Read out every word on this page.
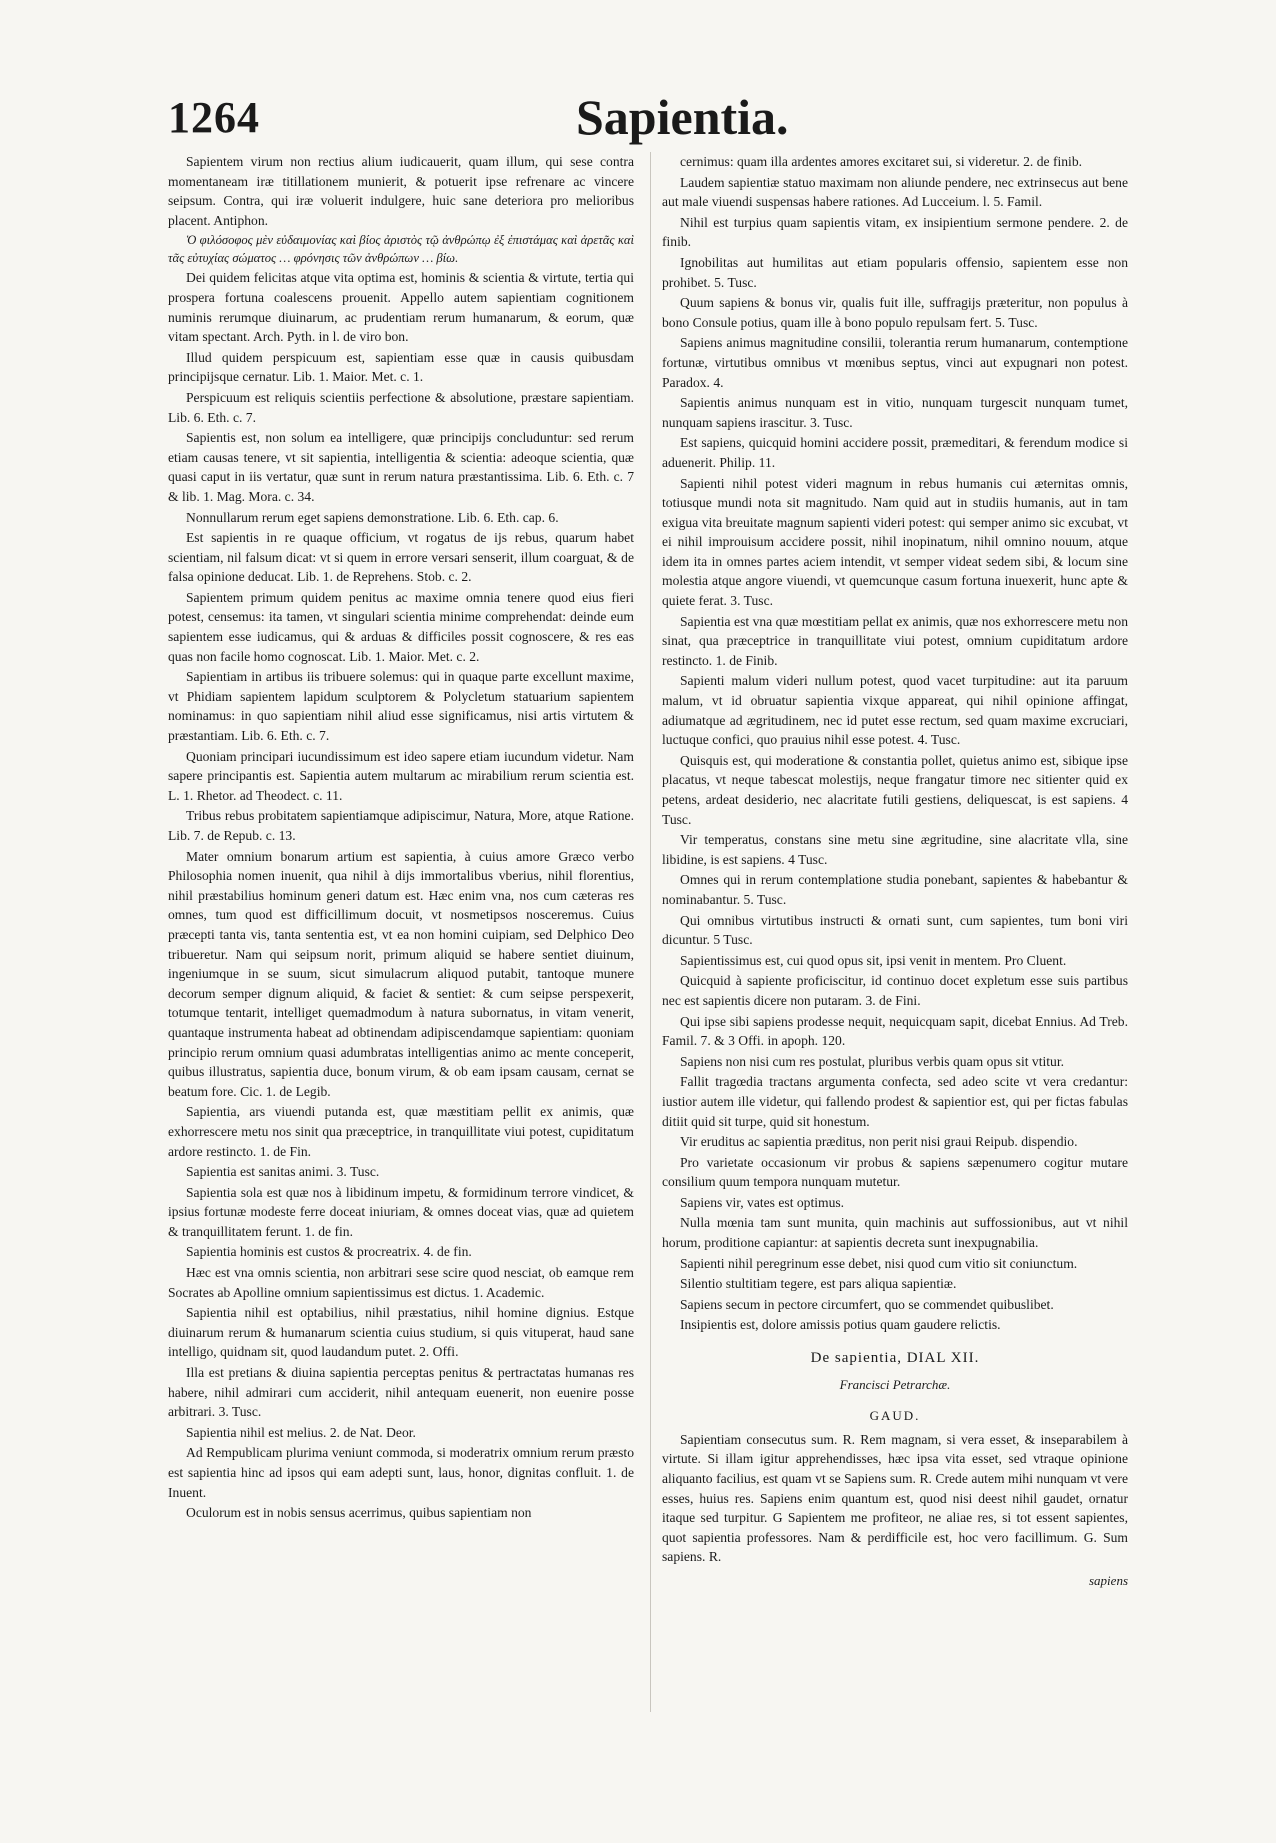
1264	Sapientia.

Sapientem virum non rectius alium iudicauerit, quam illum, qui sese contra momentaneam iræ titillationem munierit, & potuerit ipse refrenare ac vincere seipsum. Contra, qui iræ voluerit indulgere, huic sane deteriora pro melioribus placent. Antiphon.

Ὁ φιλόσοφος μὲν εὐδαιμονίας καὶ βίος ἀριστὸς τῷ ἀνθρώπῳ ἐξ ἐπιστάμας καὶ ἀρετᾶς καὶ τᾶς εὐτυχίας σώματος … φρόνησις τῶν ἀνθρώπων … βίω.

Dei quidem felicitas atque vita optima est, hominis & scientia & virtute, tertia qui prospera fortuna coalescens prouenit. Appello autem sapientiam cognitionem numinis rerumque diuinarum, ac prudentiam rerum humanarum, & eorum, quæ vitam spectant. Arch. Pyth. in l. de viro bon.

Illud quidem perspicuum est, sapientiam esse quæ in causis quibusdam principijsque cernatur. Lib. 1. Maior. Met. c. 1.

Perspicuum est reliquis scientiis perfectione & absolutione, præstare sapientiam. Lib. 6. Eth. c. 7.

Sapientis est, non solum ea intelligere, quæ principijs concluduntur: sed rerum etiam causas tenere, vt sit sapientia, intelligentia & scientia: adeoque scientia, quæ quasi caput in iis vertatur, quæ sunt in rerum natura præstantissima. Lib. 6. Eth. c. 7 & lib. 1. Mag. Mora. c. 34.

Nonnullarum rerum eget sapiens demonstratione. Lib. 6. Eth. cap. 6.

Est sapientis in re quaque officium, vt rogatus de ijs rebus, quarum habet scientiam, nil falsum dicat: vt si quem in errore versari senserit, illum coarguat, & de falsa opinione deducat. Lib. 1. de Reprehens. Stob. c. 2.

Sapientem primum quidem penitus ac maxime omnia tenere quod eius fieri potest, censemus: ita tamen, vt singulari scientia minime comprehendat: deinde eum sapientem esse iudicamus, qui & arduas & difficiles possit cognoscere, & res eas quas non facile homo cognoscat. Lib. 1. Maior. Met. c. 2.

Sapientiam in artibus iis tribuere solemus: qui in quaque parte excellunt maxime, vt Phidiam sapientem lapidum sculptorem & Polycletum statuarium sapientem nominamus: in quo sapientiam nihil aliud esse significamus, nisi artis virtutem & præstantiam. Lib. 6. Eth. c. 7.

Quoniam principari iucundissimum est ideo sapere etiam iucundum videtur. Nam sapere principantis est. Sapientia autem multarum ac mirabilium rerum scientia est. L. 1. Rhetor. ad Theodect. c. 11.

Tribus rebus probitatem sapientiamque adipiscimur, Natura, More, atque Ratione. Lib. 7. de Repub. c. 13.

Mater omnium bonarum artium est sapientia, à cuius amore Græco verbo Philosophia nomen inuenit, qua nihil à dijs immortalibus vberius, nihil florentius, nihil præstabilius hominum generi datum est. Hæc enim vna, nos cum cæteras res omnes, tum quod est difficillimum docuit, vt nosmetipsos nosceremus. Cuius præcepti tanta vis, tanta sententia est, vt ea non homini cuipiam, sed Delphico Deo tribueretur. Nam qui seipsum norit, primum aliquid se habere sentiet diuinum, ingeniumque in se suum, sicut simulacrum aliquod putabit, tantoque munere decorum semper dignum aliquid, & faciet & sentiet: & cum seipse perspexerit, totumque tentarit, intelliget quemadmodum à natura subornatus, in vitam venerit, quantaque instrumenta habeat ad obtinendam adipiscendamque sapientiam: quoniam principio rerum omnium quasi adumbratas intelligentias animo ac mente conceperit, quibus illustratus, sapientia duce, bonum virum, & ob eam ipsam causam, cernat se beatum fore. Cic. 1. de Legib.

Sapientia, ars viuendi putanda est, quæ mæstitiam pellit ex animis, quæ exhorrescere metu nos sinit qua præceptrice, in tranquillitate viui potest, cupiditatum ardore restincto. 1. de Fin.

Sapientia est sanitas animi. 3. Tusc.

Sapientia sola est quæ nos à libidinum impetu, & formidinum terrore vindicet, & ipsius fortunæ modeste ferre doceat iniuriam, & omnes doceat vias, quæ ad quietem & tranquillitatem ferunt. 1. de fin.

Sapientia hominis est custos & procreatrix. 4. de fin.

Hæc est vna omnis scientia, non arbitrari sese scire quod nesciat, ob eamque rem Socrates ab Apolline omnium sapientissimus est dictus. 1. Academic.

Sapientia nihil est optabilius, nihil præstatius, nihil homine dignius. Estque diuinarum rerum & humanarum scientia cuius studium, si quis vituperat, haud sane intelligo, quidnam sit, quod laudandum putet. 2. Offi.

Illa est pretians & diuina sapientia perceptas penitus & pertractatas humanas res habere, nihil admirari cum acciderit, nihil antequam euenerit, non euenire posse arbitrari. 3. Tusc.

Sapientia nihil est melius. 2. de Nat. Deor.

Ad Rempublicam plurima veniunt commoda, si moderatrix omnium rerum præsto est sapientia hinc ad ipsos qui eam adepti sunt, laus, honor, dignitas confluit. 1. de Inuent.

Oculorum est in nobis sensus acerrimus, quibus sapientiam non

cernimus: quam illa ardentes amores excitaret sui, si videretur. 2. de finib.

Laudem sapientiæ statuo maximam non aliunde pendere, nec extrinsecus aut bene aut male viuendi suspensas habere rationes. Ad Lucceium. l. 5. Famil.

Nihil est turpius quam sapientis vitam, ex insipientium sermone pendere. 2. de finib.

Ignobilitas aut humilitas aut etiam popularis offensio, sapientem esse non prohibet. 5. Tusc.

Quum sapiens & bonus vir, qualis fuit ille, suffragijs præteritur, non populus à bono Consule potius, quam ille à bono populo repulsam fert. 5. Tusc.

Sapiens animus magnitudine consilii, tolerantia rerum humanarum, contemptione fortunæ, virtutibus omnibus vt mœnibus septus, vinci aut expugnari non potest. Paradox. 4.

Sapientis animus nunquam est in vitio, nunquam turgescit nunquam tumet, nunquam sapiens irascitur. 3. Tusc.

Est sapiens, quicquid homini accidere possit, præmeditari, & ferendum modice si aduenerit. Philip. 11.

Sapienti nihil potest videri magnum in rebus humanis cui æternitas omnis, totiusque mundi nota sit magnitudo. Nam quid aut in studiis humanis, aut in tam exigua vita breuitate magnum sapienti videri potest: qui semper animo sic excubat, vt ei nihil improuisum accidere possit, nihil inopinatum, nihil omnino nouum, atque idem ita in omnes partes aciem intendit, vt semper videat sedem sibi, & locum sine molestia atque angore viuendi, vt quemcunque casum fortuna inuexerit, hunc apte & quiete ferat. 3. Tusc.

Sapientia est vna quæ mœstitiam pellat ex animis, quæ nos exhorrescere metu non sinat, qua præceptrice in tranquillitate viui potest, omnium cupiditatum ardore restincto. 1. de Finib.

Sapienti malum videri nullum potest, quod vacet turpitudine: aut ita paruum malum, vt id obruatur sapientia vixque appareat, qui nihil opinione affingat, adiumatque ad ægritudinem, nec id putet esse rectum, sed quam maxime excruciari, luctuque confici, quo prauius nihil esse potest. 4. Tusc.

Quisquis est, qui moderatione & constantia pollet, quietus animo est, sibique ipse placatus, vt neque tabescat molestijs, neque frangatur timore nec sitienter quid ex petens, ardeat desiderio, nec alacritate futili gestiens, deliquescat, is est sapiens. 4 Tusc.

Vir temperatus, constans sine metu sine ægritudine, sine alacritate vlla, sine libidine, is est sapiens. 4 Tusc.

Omnes qui in rerum contemplatione studia ponebant, sapientes & habebantur & nominabantur. 5. Tusc.

Qui omnibus virtutibus instructi & ornati sunt, cum sapientes, tum boni viri dicuntur. 5 Tusc.

Sapientissimus est, cui quod opus sit, ipsi venit in mentem. Pro Cluent.

Quicquid à sapiente proficiscitur, id continuo docet expletum esse suis partibus nec est sapientis dicere non putaram. 3. de Fini.

Qui ipse sibi sapiens prodesse nequit, nequicquam sapit, dicebat Ennius. Ad Treb. Famil. 7. & 3 Offi. in apoph. 120.

Sapiens non nisi cum res postulat, pluribus verbis quam opus sit vtitur.

Fallit tragœdia tractans argumenta confecta, sed adeo scite vt vera credantur: iustior autem ille videtur, qui fallendo prodest & sapientior est, qui per fictas fabulas ditiit quid sit turpe, quid sit honestum.

Vir eruditus ac sapientia præditus, non perit nisi graui Reipub. dispendio.

Pro varietate occasionum vir probus & sapiens sæpenumero cogitur mutare consilium quum tempora nunquam mutetur.

Sapiens vir, vates est optimus.

Nulla mœnia tam sunt munita, quin machinis aut suffossionibus, aut vt nihil horum, proditione capiantur: at sapientis decreta sunt inexpugnabilia.

Sapienti nihil peregrinum esse debet, nisi quod cum vitio sit coniunctum.

Silentio stultitiam tegere, est pars aliqua sapientiæ.

Sapiens secum in pectore circumfert, quo se commendet quibuslibet.

Insipientis est, dolore amissis potius quam gaudere relictis.

De sapientia, DIAL XII.
Francisci Petrarchæ.
GAUD.

Sapientiam consecutus sum. R. Rem magnam, si vera esset, & inseparabilem à virtute. Si illam igitur apprehendisses, hæc ipsa vita esset, sed vtraque opinione aliquanto facilius, est quam vt se Sapiens sum. R. Crede autem mihi nunquam vt vere esses, huius res. Sapiens enim quantum est, quod nisi deest nihil gaudet, ornatur itaque sed turpitur. G Sapientem me profiteor, ne aliae res, si tot essent sapientes, quot sapientia professores. Nam & perdifficile est, hoc vero facillimum. G. Sum sapiens. R.

sapiens
